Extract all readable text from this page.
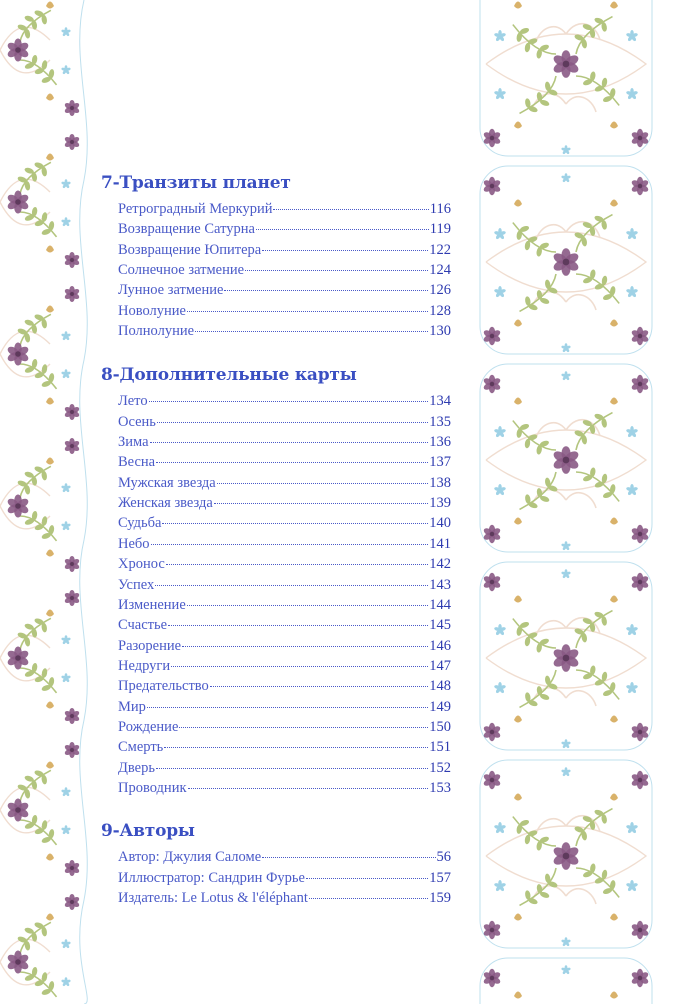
7-Транзиты планет
Ретроградный Меркурий	116
Возвращение Сатурна	119
Возвращение Юпитера	122
Солнечное затмение	124
Лунное затмение	126
Новолуние	128
Полнолуние	130
8-Дополнительные карты
Лето	134
Осень	135
Зима	136
Весна	137
Мужская звезда	138
Женская звезда	139
Судьба	140
Небо	141
Хронос	142
Успех	143
Изменение	144
Счастье	145
Разорение	146
Недруги	147
Предательство	148
Мир	149
Рождение	150
Смерть	151
Дверь	152
Проводник	153
9-Авторы
Автор: Джулия Саломе	56
Иллюстратор: Сандрин Фурье	157
Издатель: Le Lotus & l'éléphant	159
